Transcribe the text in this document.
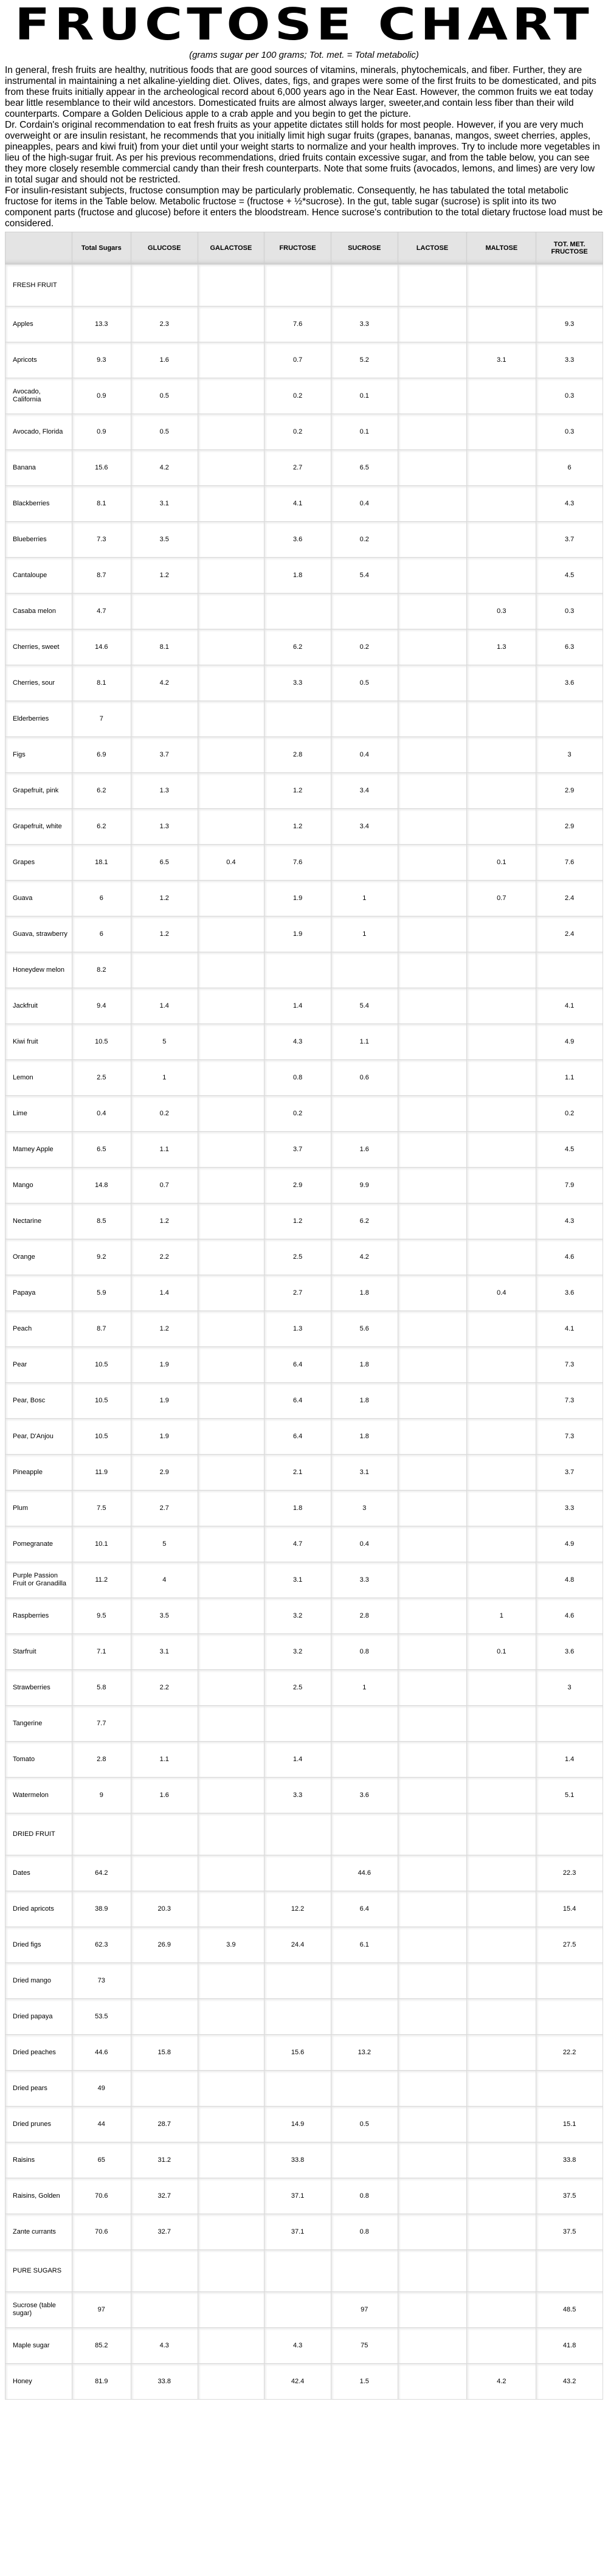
FRUCTOSE CHART
(grams sugar per 100 grams; Tot. met. = Total metabolic)

In general, fresh fruits are healthy, nutritious foods that are good sources of vitamins, minerals, phytochemicals, and fiber. Further, they are instrumental in maintaining a net alkaline-yielding diet. Olives, dates, figs, and grapes were some of the first fruits to be domesticated, and pits from these fruits initially appear in the archeological record about 6,000 years ago in the Near East. However, the common fruits we eat today bear little resemblance to their wild ancestors. Domesticated fruits are almost always larger, sweeter,and contain less fiber than their wild counterparts. Compare a Golden Delicious apple to a crab apple and you begin to get the picture.

Dr. Cordain's original recommendation to eat fresh fruits as your appetite dictates still holds for most people. However, if you are very much overweight or are insulin resistant, he recommends that you initially limit high sugar fruits (grapes, bananas, mangos, sweet cherries, apples, pineapples, pears and kiwi fruit) from your diet until your weight starts to normalize and your health improves. Try to include more vegetables in lieu of the high-sugar fruit. As per his previous recommendations, dried fruits contain excessive sugar, and from the table below, you can see they more closely resemble commercial candy than their fresh counterparts. Note that some fruits (avocados, lemons, and limes) are very low in total sugar and should not be restricted.

For insulin-resistant subjects, fructose consumption may be particularly problematic. Consequently, he has tabulated the total metabolic fructose for items in the Table below. Metabolic fructose = (fructose + ½*sucrose). In the gut, table sugar (sucrose) is split into its two component parts (fructose and glucose) before it enters the bloodstream. Hence sucrose's contribution to the total dietary fructose load must be considered.

	Total Sugars	GLUCOSE	GALACTOSE	FRUCTOSE	SUCROSE	LACTOSE	MALTOSE	TOT. MET. FRUCTOSE
FRESH FRUIT								
Apples	13.3	2.3		7.6	3.3			9.3
Apricots	9.3	1.6		0.7	5.2		3.1	3.3
Avocado, California	0.9	0.5		0.2	0.1			0.3
Avocado, Florida	0.9	0.5		0.2	0.1			0.3
Banana	15.6	4.2		2.7	6.5			6
Blackberries	8.1	3.1		4.1	0.4			4.3
Blueberries	7.3	3.5		3.6	0.2			3.7
Cantaloupe	8.7	1.2		1.8	5.4			4.5
Casaba melon	4.7						0.3	0.3
Cherries, sweet	14.6	8.1		6.2	0.2		1.3	6.3
Cherries, sour	8.1	4.2		3.3	0.5			3.6
Elderberries	7							
Figs	6.9	3.7		2.8	0.4			3
Grapefruit, pink	6.2	1.3		1.2	3.4			2.9
Grapefruit, white	6.2	1.3		1.2	3.4			2.9
Grapes	18.1	6.5	0.4	7.6			0.1	7.6
Guava	6	1.2		1.9	1		0.7	2.4
Guava, strawberry	6	1.2		1.9	1			2.4
Honeydew melon	8.2							
Jackfruit	9.4	1.4		1.4	5.4			4.1
Kiwi fruit	10.5	5		4.3	1.1			4.9
Lemon	2.5	1		0.8	0.6			1.1
Lime	0.4	0.2		0.2				0.2
Mamey Apple	6.5	1.1		3.7	1.6			4.5
Mango	14.8	0.7		2.9	9.9			7.9
Nectarine	8.5	1.2		1.2	6.2			4.3
Orange	9.2	2.2		2.5	4.2			4.6
Papaya	5.9	1.4		2.7	1.8		0.4	3.6
Peach	8.7	1.2		1.3	5.6			4.1
Pear	10.5	1.9		6.4	1.8			7.3
Pear, Bosc	10.5	1.9		6.4	1.8			7.3
Pear, D'Anjou	10.5	1.9		6.4	1.8			7.3
Pineapple	11.9	2.9		2.1	3.1			3.7
Plum	7.5	2.7		1.8	3			3.3
Pomegranate	10.1	5		4.7	0.4			4.9
Purple Passion Fruit or Granadilla	11.2	4		3.1	3.3			4.8
Raspberries	9.5	3.5		3.2	2.8		1	4.6
Starfruit	7.1	3.1		3.2	0.8		0.1	3.6
Strawberries	5.8	2.2		2.5	1			3
Tangerine	7.7							
Tomato	2.8	1.1		1.4				1.4
Watermelon	9	1.6		3.3	3.6			5.1
DRIED FRUIT								
Dates	64.2				44.6			22.3
Dried apricots	38.9	20.3		12.2	6.4			15.4
Dried figs	62.3	26.9	3.9	24.4	6.1			27.5
Dried mango	73							
Dried papaya	53.5							
Dried peaches	44.6	15.8		15.6	13.2			22.2
Dried pears	49							
Dried prunes	44	28.7		14.9	0.5			15.1
Raisins	65	31.2		33.8				33.8
Raisins, Golden	70.6	32.7		37.1	0.8			37.5
Zante currants	70.6	32.7		37.1	0.8			37.5
PURE SUGARS								
Sucrose (table sugar)	97				97			48.5
Maple sugar	85.2	4.3		4.3	75			41.8
Honey	81.9	33.8		42.4	1.5		4.2	43.2
